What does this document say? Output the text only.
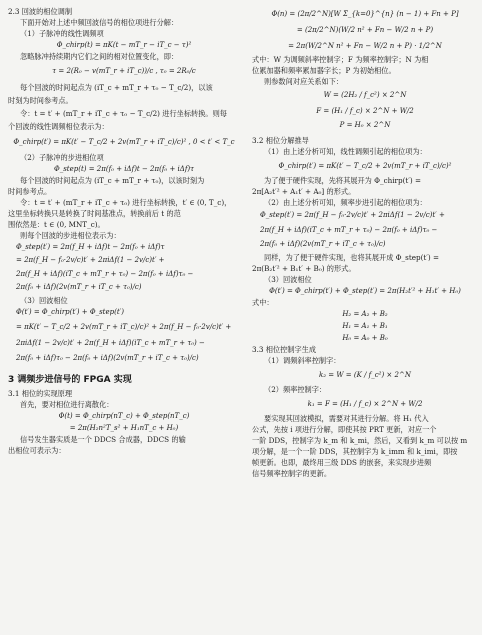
2.3 回波的相位调制
下面开始对上述中频回波信号的相位项进行分解：
（1）子脉冲的线性调频项
Φ_chirp(t) = πK(t − mT_r − iT_c − τ)²
忽略脉冲持续期内它们之间的相对位置变化，即：
τ = 2(R₀ − v(mT_r + iT_c))/c , τ₀ = 2R₀/c
每个回波的时间起点为 (iT_c + mT_r + τ₀ − T_c/2)，以该
时刻为时间参考点。
令：t = t′ + (mT_r + iT_c + τ₀ − T_c/2) 进行坐标转换。则每
个回波的线性调频相位表示为：
Φ_chirp(t′) = πK(t′ − T_c/2 + 2v(mT_r + iT_c)/c)² , 0 < t′ < T_c
（2）子脉冲的步进相位项
Φ_step(t) = 2π(f₀ + iΔf)t − 2π(f₀ + iΔf)τ
每个回波的时间起点为 (iT_c + mT_r + τ₀)，以该时刻为
时间参考点。
令：t = t′ + (mT_r + iT_c + τ₀) 进行坐标转换，t′ ∈ (0, T_c)，
这里坐标转换只是转换了时间基准点，转换前后 t 的范
围依然是：t ∈ (0, MNT_c)。
则每个回波的步进相位表示为：
Φ_step(t′) = 2π(f_H + iΔf)t − 2π(f₀ + iΔf)τ
= 2π(f_H − f₀·2v/c)t′ + 2πiΔf(1 − 2v/c)t′ +
2π(f_H + iΔf)(iT_c + mT_r + τ₀) − 2π(f₀ + iΔf)τ₀ −
2π(f₀ + iΔf)(2v(mT_r + iT_c + τ₀)/c)
（3）回波相位
Φ(t′) = Φ_chirp(t′) + Φ_step(t′)
= πK(t′ − T_c/2 + 2v(mT_r + iT_c)/c)² + 2π(f_H − f₀·2v/c)t′ +
2πiΔf(1 − 2v/c)t′ + 2π(f_H + iΔf)(iT_c + mT_r + τ₀) −
2π(f₀ + iΔf)τ₀ − 2π(f₀ + iΔf)(2v(mT_r + iT_c + τ₀)/c)
3 调频步进信号的 FPGA 实现
3.1 相位的实现原理
首先，要对相位进行离散化：
Φ(t) = Φ_chirp(nT_c) + Φ_step(nT_c)
= 2π(H₂n²T_s² + H₁nT_c + H₀)
信号发生器实质是一个 DDCS 合成器，DDCS 的输
出相位可表示为：
Φ(n) = (2π/2^N)[W Σ_{k=0}^{n} (n − 1) + Fn + P]
= (2π/2^N)(W/2 n² + Fn − W/2 n + P)
= 2π(W/2^N n² + Fn − W/2 n + P) · 1/2^N
式中：W 为调频斜率控制字；F 为频率控制字；N 为相
位累加器和频率累加器字长；P 为初始相位。
则参数间对应关系如下：
W = (2H₂ / f_c²) × 2^N
F = (H₁ / f_c) × 2^N + W/2
P = H₀ × 2^N
3.2 相位分解推导
（1）由上述分析可知，线性调频引起的相位项为：
Φ_chirp(t′) = πK(t′ − T_c/2 + 2v(mT_r + iT_c)/c)²
为了便于硬件实现，先将其展开为 Φ_chirp(t′) =
2π[A₂t′² + A₁t′ + A₀] 的形式。
（2）由上述分析可知，频率步进引起的相位项为：
Φ_step(t′) = 2π(f_H − f₀·2v/c)t′ + 2πiΔf(1 − 2v/c)t′ +
2π(f_H + iΔf)(iT_c + mT_r + τ₀) − 2π(f₀ + iΔf)τ₀ −
2π(f₀ + iΔf)(2v(mT_r + iT_c + τ₀)/c)
同样，为了便于硬件实现，也将其展开成 Φ_step(t′) =
2π(B₂t′² + B₁t′ + B₀) 的形式。
（3）回波相位
Φ(t′) = Φ_chirp(t′) + Φ_step(t′) = 2π(H₂t′² + H₁t′ + H₀)
式中：
H₂ = A₂ + B₂
H₁ = A₁ + B₁
H₀ = A₀ + B₀
3.3 相位控制字生成
（1）调频斜率控制字：
k₂ = W = (K / f_c²) × 2^N
（2）频率控制字：
k₁ = F = (H₁ / f_c) × 2^N + W/2
要实现其回波模拟，需要对其进行分解。将 H₁ 代入
公式，先按 i 项进行分解，即使其按 PRT 更新，对应一个
一阶 DDS，控制字为 k_m 和 k_mi，然后，又看到 k_m 可以按 m
项分解，是一个一阶 DDS，其控制字为 k_imm 和 k_imi，即按
帧更新。也即，最终用三级 DDS 的嵌套，来实现步进频
信号频率控制字的更新。
